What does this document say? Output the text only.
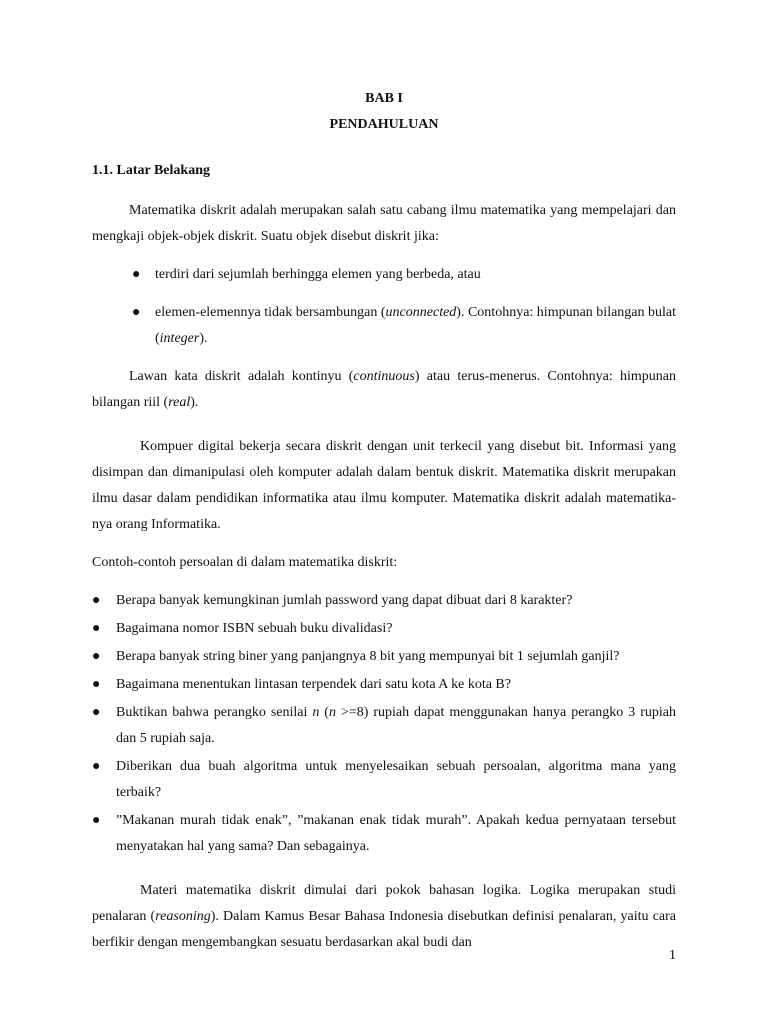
BAB I

PENDAHULUAN

1.1. Latar Belakang

Matematika diskrit adalah merupakan salah satu cabang ilmu matematika yang mempelajari dan mengkaji objek-objek diskrit. Suatu objek disebut diskrit jika:

● terdiri dari sejumlah berhingga elemen yang berbeda, atau
● elemen-elemennya tidak bersambungan (unconnected). Contohnya: himpunan bilangan bulat (integer).

Lawan kata diskrit adalah kontinyu (continuous) atau terus-menerus. Contohnya: himpunan bilangan riil (real).

Kompuer digital bekerja secara diskrit dengan unit terkecil yang disebut bit. Informasi yang disimpan dan dimanipulasi oleh komputer adalah dalam bentuk diskrit. Matematika diskrit merupakan ilmu dasar dalam pendidikan informatika atau ilmu komputer. Matematika diskrit adalah matematika-nya orang Informatika.

Contoh-contoh persoalan di dalam matematika diskrit:

● Berapa banyak kemungkinan jumlah password yang dapat dibuat dari 8 karakter?
● Bagaimana nomor ISBN sebuah buku divalidasi?
● Berapa banyak string biner yang panjangnya 8 bit yang mempunyai bit 1 sejumlah ganjil?
● Bagaimana menentukan lintasan terpendek dari satu kota A ke kota B?
● Buktikan bahwa perangko senilai n (n >=8) rupiah dapat menggunakan hanya perangko 3 rupiah dan 5 rupiah saja.
● Diberikan dua buah algoritma untuk menyelesaikan sebuah persoalan, algoritma mana yang terbaik?
● ”Makanan murah tidak enak”, ”makanan enak tidak murah”. Apakah kedua pernyataan tersebut menyatakan hal yang sama? Dan sebagainya.

Materi matematika diskrit dimulai dari pokok bahasan logika. Logika merupakan studi penalaran (reasoning). Dalam Kamus Besar Bahasa Indonesia disebutkan definisi penalaran, yaitu cara berfikir dengan mengembangkan sesuatu berdasarkan akal budi dan

1
